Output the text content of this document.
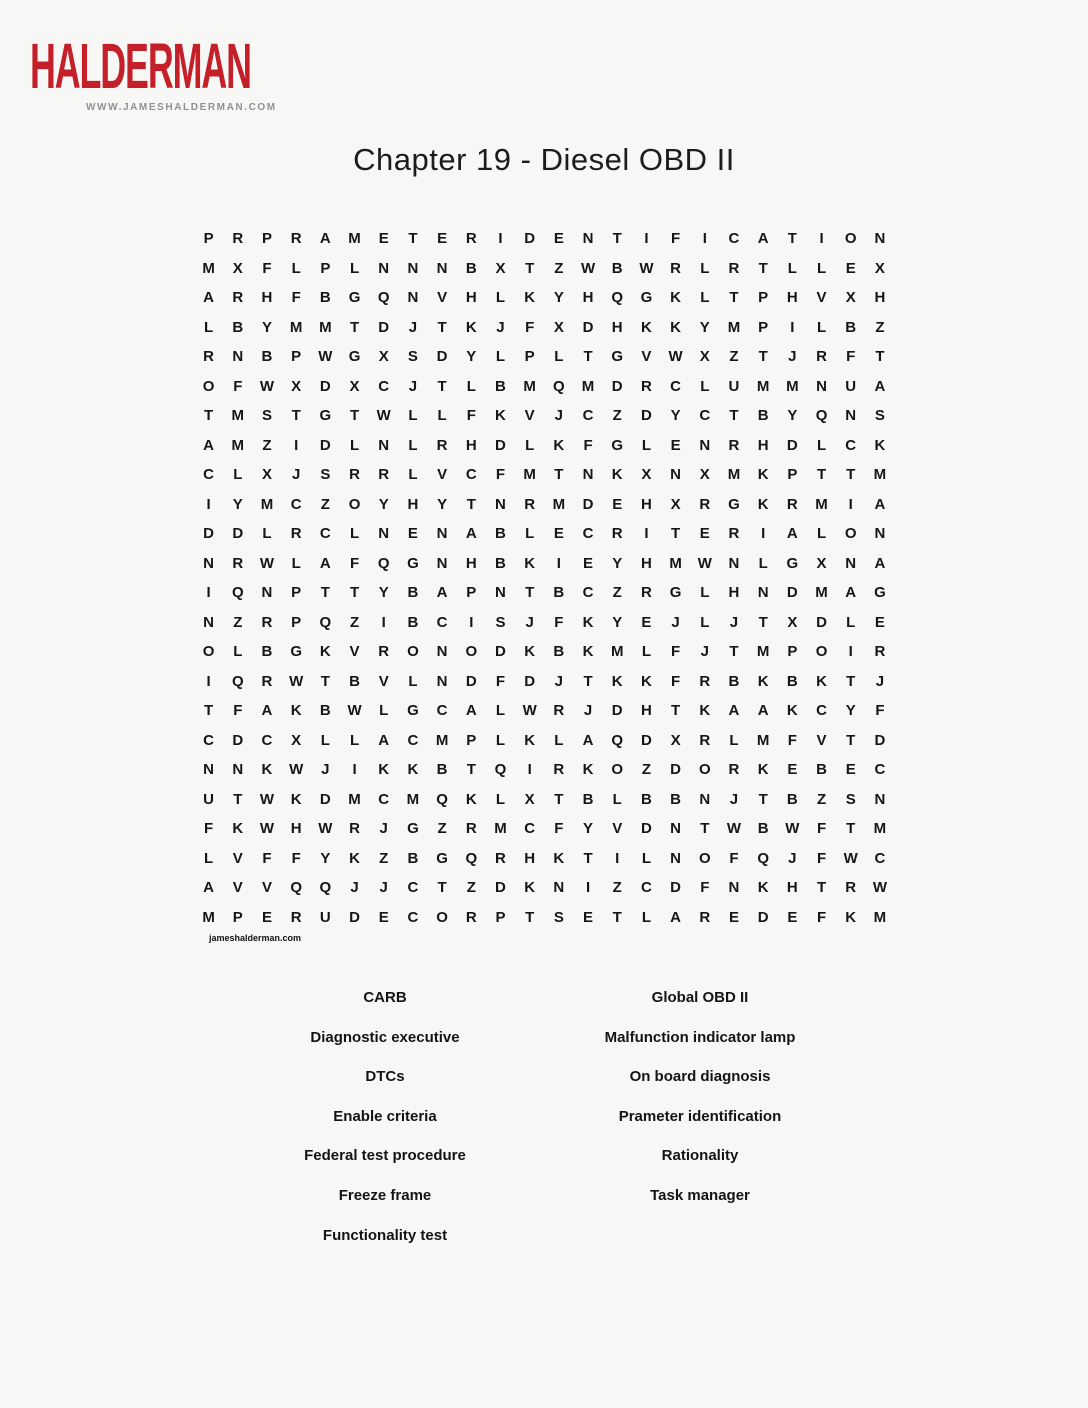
HALDERMAN
WWW.JAMESHALDERMAN.COM
Chapter 19 - Diesel OBD II
P	R	P	R	A	M	E	T	E	R	I	D	E	N	T	I	F	I	C	A	T	I	O	N
M	X	F	L	P	L	N	N	N	B	X	T	Z	W	B	W	R	L	R	T	L	L	E	X
A	R	H	F	B	G	Q	N	V	H	L	K	Y	H	Q	G	K	L	T	P	H	V	X	H
L	B	Y	M	M	T	D	J	T	K	J	F	X	D	H	K	K	Y	M	P	I	L	B	Z
R	N	B	P	W	G	X	S	D	Y	L	P	L	T	G	V	W	X	Z	T	J	R	F	T
O	F	W	X	D	X	C	J	T	L	B	M	Q	M	D	R	C	L	U	M	M	N	U	A
T	M	S	T	G	T	W	L	L	F	K	V	J	C	Z	D	Y	C	T	B	Y	Q	N	S
A	M	Z	I	D	L	N	L	R	H	D	L	K	F	G	L	E	N	R	H	D	L	C	K
C	L	X	J	S	R	R	L	V	C	F	M	T	N	K	X	N	X	M	K	P	T	T	M
I	Y	M	C	Z	O	Y	H	Y	T	N	R	M	D	E	H	X	R	G	K	R	M	I	A
D	D	L	R	C	L	N	E	N	A	B	L	E	C	R	I	T	E	R	I	A	L	O	N
N	R	W	L	A	F	Q	G	N	H	B	K	I	E	Y	H	M	W	N	L	G	X	N	A
I	Q	N	P	T	T	Y	B	A	P	N	T	B	C	Z	R	G	L	H	N	D	M	A	G
N	Z	R	P	Q	Z	I	B	C	I	S	J	F	K	Y	E	J	L	J	T	X	D	L	E
O	L	B	G	K	V	R	O	N	O	D	K	B	K	M	L	F	J	T	M	P	O	I	R
I	Q	R	W	T	B	V	L	N	D	F	D	J	T	K	K	F	R	B	K	B	K	T	J
T	F	A	K	B	W	L	G	C	A	L	W	R	J	D	H	T	K	A	A	K	C	Y	F
C	D	C	X	L	L	A	C	M	P	L	K	L	A	Q	D	X	R	L	M	F	V	T	D
N	N	K	W	J	I	K	K	B	T	Q	I	R	K	O	Z	D	O	R	K	E	B	E	C
U	T	W	K	D	M	C	M	Q	K	L	X	T	B	L	B	B	N	J	T	B	Z	S	N
F	K	W	H	W	R	J	G	Z	R	M	C	F	Y	V	D	N	T	W	B	W	F	T	M
L	V	F	F	Y	K	Z	B	G	Q	R	H	K	T	I	L	N	O	F	Q	J	F	W	C
A	V	V	Q	Q	J	J	C	T	Z	D	K	N	I	Z	C	D	F	N	K	H	T	R	W
M	P	E	R	U	D	E	C	O	R	P	T	S	E	T	L	A	R	E	D	E	F	K	M
jameshalderman.com
CARB
Diagnostic executive
DTCs
Enable criteria
Federal test procedure
Freeze frame
Functionality test
Global OBD II
Malfunction indicator lamp
On board diagnosis
Prameter identification
Rationality
Task manager
